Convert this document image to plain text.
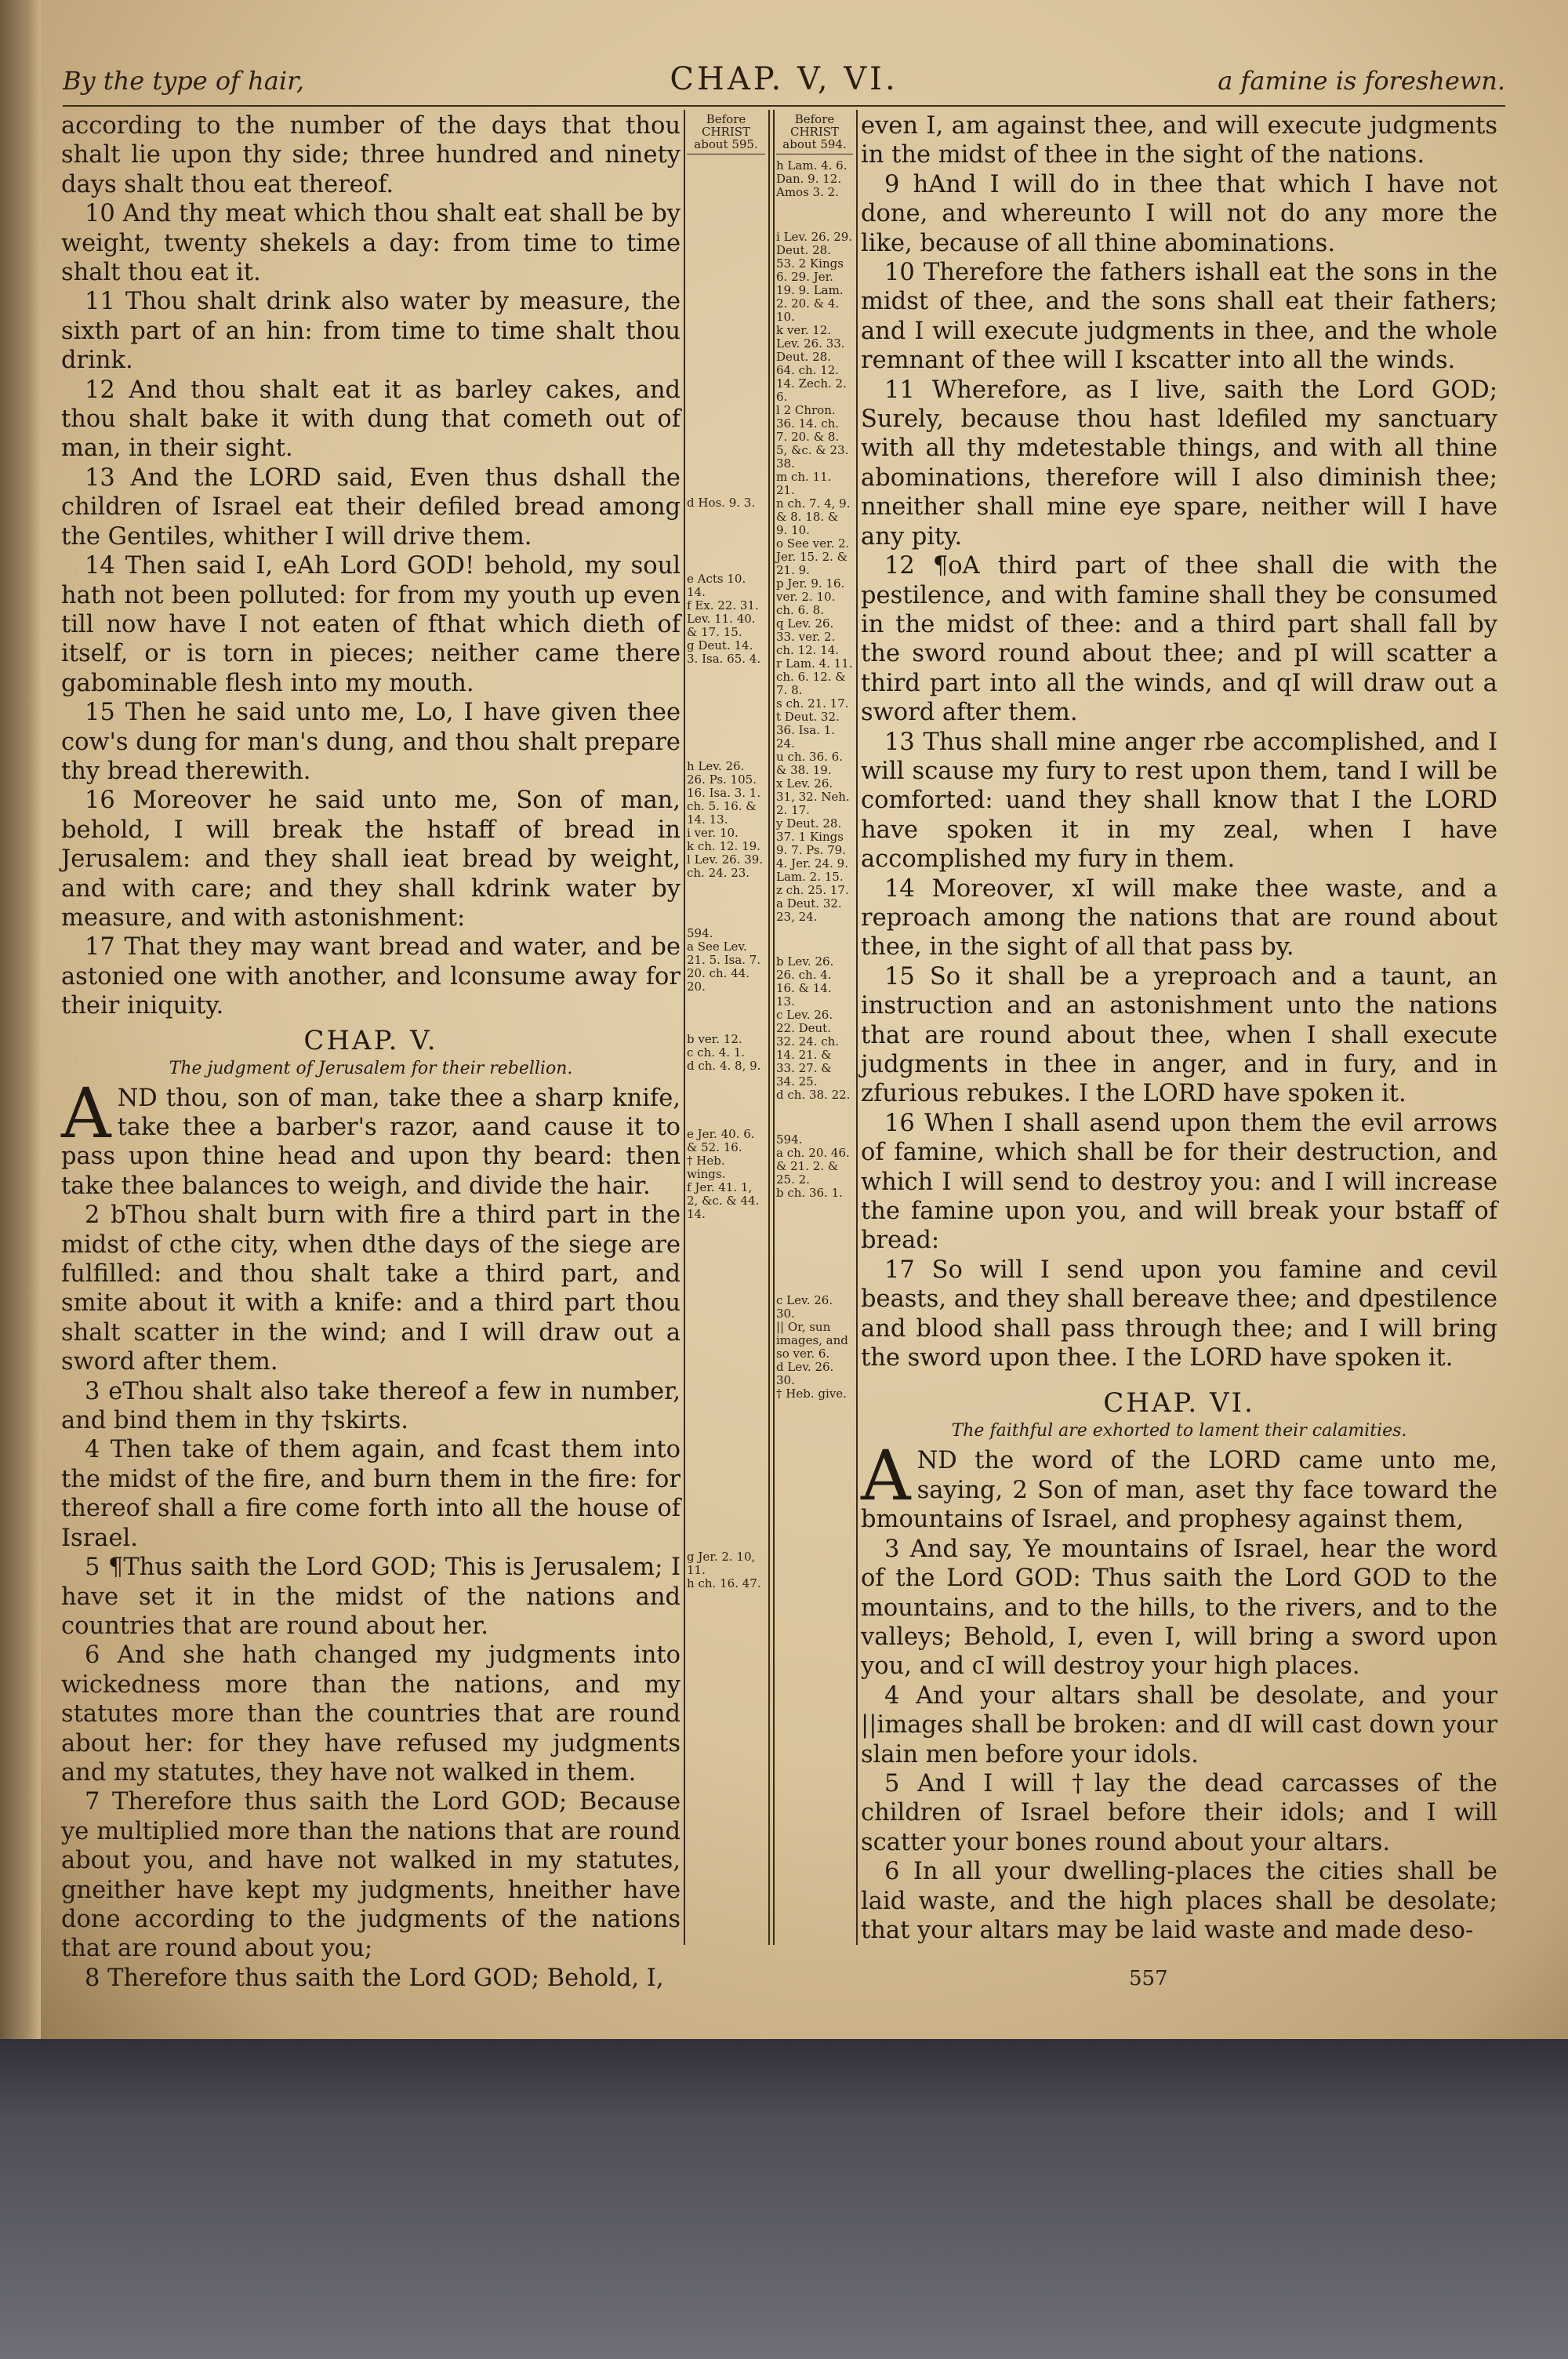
By the type of hair,	CHAP. V, VI.	a famine is foreshewn.

according to the number of the days that thou shalt lie upon thy side; three hundred and ninety days shalt thou eat thereof.

10 And thy meat which thou shalt eat shall be by weight, twenty shekels a day: from time to time shalt thou eat it.

11 Thou shalt drink also water by measure, the sixth part of an hin: from time to time shalt thou drink.

12 And thou shalt eat it as barley cakes, and thou shalt bake it with dung that cometh out of man, in their sight.

13 And the LORD said, Even thus dshall the children of Israel eat their defiled bread among the Gentiles, whither I will drive them.

14 Then said I, eAh Lord GOD! behold, my soul hath not been polluted: for from my youth up even till now have I not eaten of fthat which dieth of itself, or is torn in pieces; neither came there gabominable flesh into my mouth.

15 Then he said unto me, Lo, I have given thee cow's dung for man's dung, and thou shalt prepare thy bread therewith.

16 Moreover he said unto me, Son of man, behold, I will break the hstaff of bread in Jerusalem: and they shall ieat bread by weight, and with care; and they shall kdrink water by measure, and with astonishment:

17 That they may want bread and water, and be astonied one with another, and lconsume away for their iniquity.

CHAP. V.
The judgment of Jerusalem for their rebellion.

AND thou, son of man, take thee a sharp knife, take thee a barber's razor, aand cause it to pass upon thine head and upon thy beard: then take thee balances to weigh, and divide the hair.

2 bThou shalt burn with fire a third part in the midst of cthe city, when dthe days of the siege are fulfilled: and thou shalt take a third part, and smite about it with a knife: and a third part thou shalt scatter in the wind; and I will draw out a sword after them.

3 eThou shalt also take thereof a few in number, and bind them in thy †skirts.

4 Then take of them again, and fcast them into the midst of the fire, and burn them in the fire: for thereof shall a fire come forth into all the house of Israel.

5 ¶Thus saith the Lord GOD; This is Jerusalem; I have set it in the midst of the nations and countries that are round about her.

6 And she hath changed my judgments into wickedness more than the nations, and my statutes more than the countries that are round about her: for they have refused my judgments and my statutes, they have not walked in them.

7 Therefore thus saith the Lord GOD; Because ye multiplied more than the nations that are round about you, and have not walked in my statutes, gneither have kept my judgments, hneither have done according to the judgments of the nations that are round about you;

8 Therefore thus saith the Lord GOD; Behold, I,

Before CHRIST about 595.

d Hos. 9. 3.

e Acts 10. 14.

f Ex. 22. 31. Lev. 11. 40. & 17. 15.

g Deut. 14. 3. Isa. 65. 4.

h Lev. 26. 26. Ps. 105. 16. Isa. 3. 1. ch. 5. 16. & 14. 13.

i ver. 10.

k ch. 12. 19.

l Lev. 26. 39. ch. 24. 23.

594.

a See Lev. 21. 5. Isa. 7. 20. ch. 44. 20.

b ver. 12.

c ch. 4. 1.

d ch. 4. 8, 9.

e Jer. 40. 6. & 52. 16.

† Heb. wings.

f Jer. 41. 1, 2, &c. & 44. 14.

g Jer. 2. 10, 11.

h ch. 16. 47.

Before CHRIST about 594.

h Lam. 4. 6. Dan. 9. 12. Amos 3. 2.

i Lev. 26. 29. Deut. 28. 53. 2 Kings 6. 29. Jer. 19. 9. Lam. 2. 20. & 4. 10.

k ver. 12. Lev. 26. 33. Deut. 28. 64. ch. 12. 14. Zech. 2. 6.

l 2 Chron. 36. 14. ch. 7. 20. & 8. 5, &c. & 23. 38.

m ch. 11. 21.

n ch. 7. 4, 9. & 8. 18. & 9. 10.

o See ver. 2. Jer. 15. 2. & 21. 9.

p Jer. 9. 16. ver. 2. 10. ch. 6. 8.

q Lev. 26. 33. ver. 2. ch. 12. 14.

r Lam. 4. 11. ch. 6. 12. & 7. 8.

s ch. 21. 17.

t Deut. 32. 36. Isa. 1. 24.

u ch. 36. 6. & 38. 19.

x Lev. 26. 31, 32. Neh. 2. 17.

y Deut. 28. 37. 1 Kings 9. 7. Ps. 79. 4. Jer. 24. 9. Lam. 2. 15.

z ch. 25. 17.

a Deut. 32. 23, 24.

b Lev. 26. 26. ch. 4. 16. & 14. 13.

c Lev. 26. 22. Deut. 32. 24. ch. 14. 21. & 33. 27. & 34. 25.

d ch. 38. 22.

594.

a ch. 20. 46. & 21. 2. & 25. 2.

b ch. 36. 1.

c Lev. 26. 30.

|| Or, sun images, and so ver. 6.

d Lev. 26. 30.

† Heb. give.

even I, am against thee, and will execute judgments in the midst of thee in the sight of the nations.

9 hAnd I will do in thee that which I have not done, and whereunto I will not do any more the like, because of all thine abominations.

10 Therefore the fathers ishall eat the sons in the midst of thee, and the sons shall eat their fathers; and I will execute judgments in thee, and the whole remnant of thee will I kscatter into all the winds.

11 Wherefore, as I live, saith the Lord GOD; Surely, because thou hast ldefiled my sanctuary with all thy mdetestable things, and with all thine abominations, therefore will I also diminish thee; nneither shall mine eye spare, neither will I have any pity.

12 ¶oA third part of thee shall die with the pestilence, and with famine shall they be consumed in the midst of thee: and a third part shall fall by the sword round about thee; and pI will scatter a third part into all the winds, and qI will draw out a sword after them.

13 Thus shall mine anger rbe accomplished, and I will scause my fury to rest upon them, tand I will be comforted: uand they shall know that I the LORD have spoken it in my zeal, when I have accomplished my fury in them.

14 Moreover, xI will make thee waste, and a reproach among the nations that are round about thee, in the sight of all that pass by.

15 So it shall be a yreproach and a taunt, an instruction and an astonishment unto the nations that are round about thee, when I shall execute judgments in thee in anger, and in fury, and in zfurious rebukes. I the LORD have spoken it.

16 When I shall asend upon them the evil arrows of famine, which shall be for their destruction, and which I will send to destroy you: and I will increase the famine upon you, and will break your bstaff of bread:

17 So will I send upon you famine and cevil beasts, and they shall bereave thee; and dpestilence and blood shall pass through thee; and I will bring the sword upon thee. I the LORD have spoken it.

CHAP. VI.
The faithful are exhorted to lament their calamities.

AND the word of the LORD came unto me, saying, 2 Son of man, aset thy face toward the bmountains of Israel, and prophesy against them,

3 And say, Ye mountains of Israel, hear the word of the Lord GOD: Thus saith the Lord GOD to the mountains, and to the hills, to the rivers, and to the valleys; Behold, I, even I, will bring a sword upon you, and cI will destroy your high places.

4 And your altars shall be desolate, and your ||images shall be broken: and dI will cast down your slain men before your idols.

5 And I will †lay the dead carcasses of the children of Israel before their idols; and I will scatter your bones round about your altars.

6 In all your dwelling-places the cities shall be laid waste, and the high places shall be desolate; that your altars may be laid waste and made deso-

557
